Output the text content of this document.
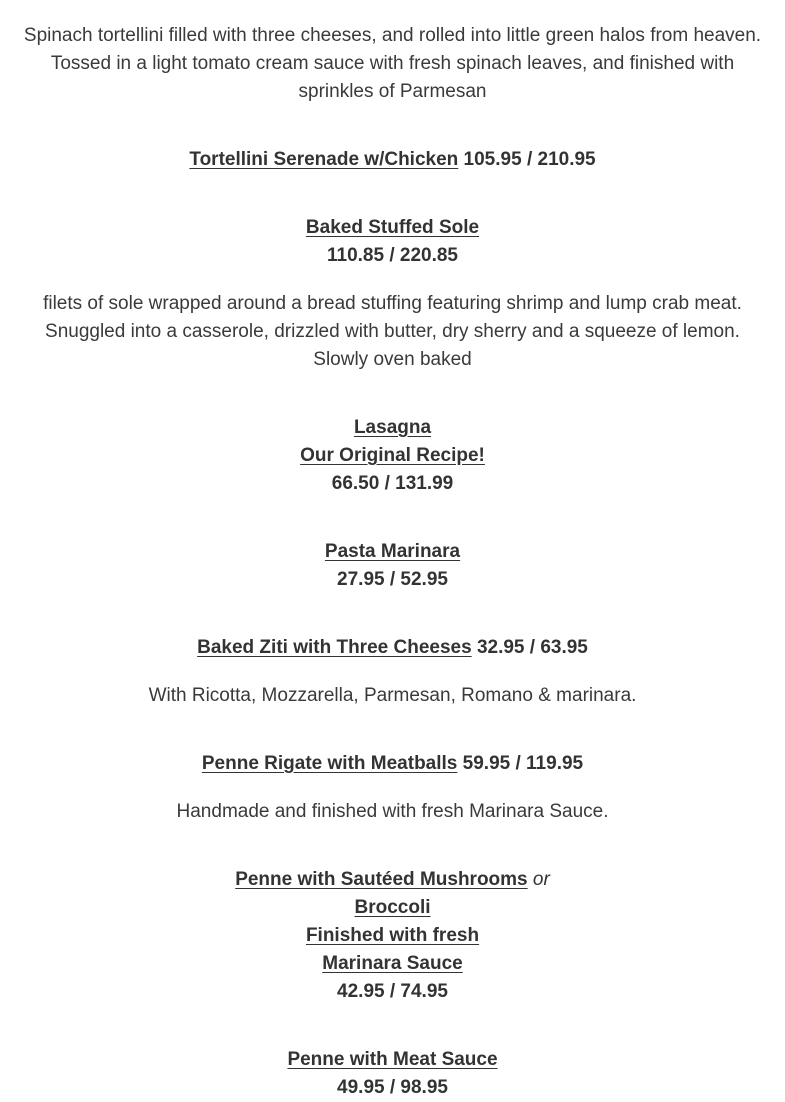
Spinach tortellini filled with three cheeses, and rolled into little green halos from heaven. Tossed in a light tomato cream sauce with fresh spinach leaves, and finished with sprinkles of Parmesan
Tortellini Serenade w/Chicken 105.95 / 210.95
Baked Stuffed Sole
110.85 / 220.85
filets of sole wrapped around a bread stuffing featuring shrimp and lump crab meat. Snuggled into a casserole, drizzled with butter, dry sherry and a squeeze of lemon. Slowly oven baked
Lasagna
Our Original Recipe!
66.50 / 131.99
Pasta Marinara
27.95 / 52.95
Baked Ziti with Three Cheeses 32.95 / 63.95
With Ricotta, Mozzarella, Parmesan, Romano & marinara.
Penne Rigate with Meatballs 59.95 / 119.95
Handmade and finished with fresh Marinara Sauce.
Penne with Sautéed Mushrooms or
Broccoli
Finished with fresh
Marinara Sauce
42.95 / 74.95
Penne with Meat Sauce
49.95 / 98.95
